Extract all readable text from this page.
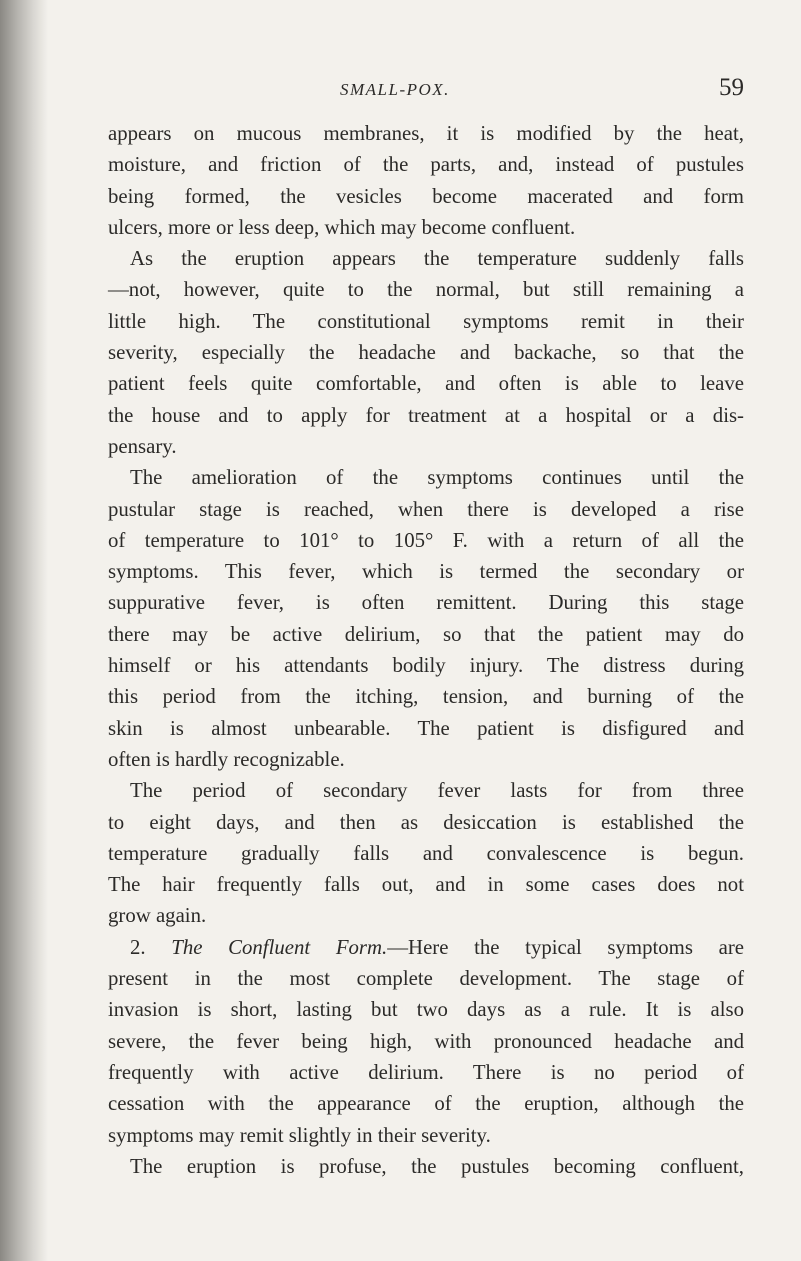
SMALL-POX.	59
appears on mucous membranes, it is modified by the heat,
moisture, and friction of the parts, and, instead of pustules
being formed, the vesicles become macerated and form
ulcers, more or less deep, which may become confluent.
As the eruption appears the temperature suddenly falls
—not, however, quite to the normal, but still remaining a
little high. The constitutional symptoms remit in their
severity, especially the headache and backache, so that the
patient feels quite comfortable, and often is able to leave
the house and to apply for treatment at a hospital or a dis-
pensary.
The amelioration of the symptoms continues until the
pustular stage is reached, when there is developed a rise
of temperature to 101° to 105° F. with a return of all the
symptoms. This fever, which is termed the secondary or
suppurative fever, is often remittent. During this stage
there may be active delirium, so that the patient may do
himself or his attendants bodily injury. The distress during
this period from the itching, tension, and burning of the
skin is almost unbearable. The patient is disfigured and
often is hardly recognizable.
The period of secondary fever lasts for from three
to eight days, and then as desiccation is established the
temperature gradually falls and convalescence is begun.
The hair frequently falls out, and in some cases does not
grow again.
2. The Confluent Form.—Here the typical symptoms are
present in the most complete development. The stage of
invasion is short, lasting but two days as a rule. It is also
severe, the fever being high, with pronounced headache and
frequently with active delirium. There is no period of
cessation with the appearance of the eruption, although the
symptoms may remit slightly in their severity.
The eruption is profuse, the pustules becoming confluent,
